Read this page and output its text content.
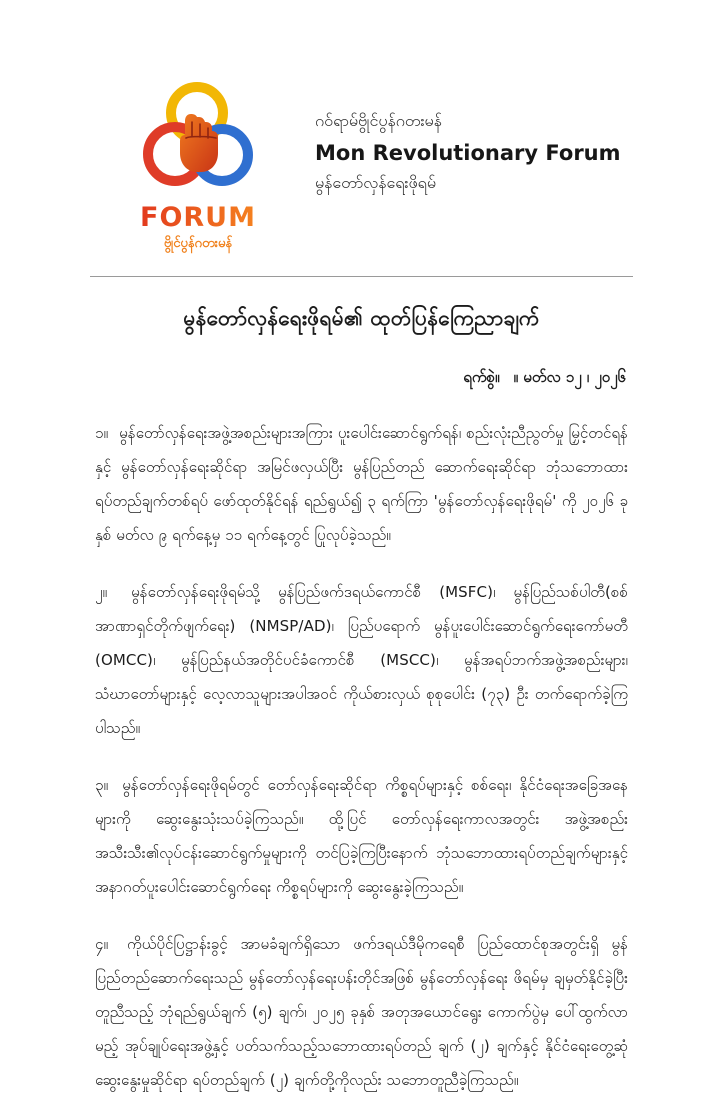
FORUM
ဗွိုင်ပွန်ဂတးမန်
ဂဝ်ရာမ်ဗွိုင်ပွန်ဂတးမန်
Mon Revolutionary Forum
မွန်တော်လှန်ရေးဖိုရမ်
မွန်တော်လှန်ရေးဖိုရမ်၏ ထုတ်ပြန်ကြေညာချက်
ရက်စွဲ။ ။ မတ်လ ၁၂ ၊ ၂၀၂၆

၁။ မွန်တော်လှန်ရေးအဖွဲ့အစည်းများအကြား ပူးပေါင်းဆောင်ရွက်ရန်၊ စည်းလုံးညီညွတ်မှု မြှင့်တင်ရန် နှင့် မွန်တော်လှန်ရေးဆိုင်ရာ အမြင်ဖလှယ်ပြီး မွန်ပြည်တည် ဆောက်ရေးဆိုင်ရာ ဘုံသဘောထား ရပ်တည်ချက်တစ်ရပ် ဖော်ထုတ်နိုင်ရန် ရည်ရွယ်၍ ၃ ရက်ကြာ 'မွန်တော်လှန်ရေးဖိုရမ်' ကို ၂၀၂၆ ခုနှစ် မတ်လ ၉ ရက်နေ့မှ ၁၁ ရက်နေ့တွင် ပြုလုပ်ခဲ့သည်။

၂။ မွန်တော်လှန်ရေးဖိုရမ်သို့ မွန်ပြည်ဖက်ဒရယ်ကောင်စီ (MSFC)၊ မွန်ပြည်သစ်ပါတီ(စစ်အာဏာရှင်တိုက်ဖျက်ရေး) (NMSP/AD)၊ ပြည်ပရောက် မွန်ပူးပေါင်းဆောင်ရွက်ရေးကော်မတီ (OMCC)၊ မွန်ပြည်နယ်အတိုင်ပင်ခံကောင်စီ (MSCC)၊ မွန်အရပ်ဘက်အဖွဲ့အစည်းများ၊ သံဃာတော်များနှင့် လေ့လာသူများအပါအဝင် ကိုယ်စားလှယ် စုစုပေါင်း (၇၃) ဦး တက်ရောက်ခဲ့ကြပါသည်။

၃။ မွန်တော်လှန်ရေးဖိုရမ်တွင် တော်လှန်ရေးဆိုင်ရာ ကိစ္စရပ်များနှင့် စစ်ရေး၊ နိုင်ငံရေးအခြေအနေများကို ဆွေးနွေးသုံးသပ်ခဲ့ကြသည်။ ထို့ပြင် တော်လှန်ရေးကာလအတွင်း အဖွဲ့အစည်းအသီးသီး၏လုပ်ငန်းဆောင်ရွက်မှုများကို တင်ပြခဲ့ကြပြီးနောက် ဘုံသဘောထားရပ်တည်ချက်များနှင့် အနာဂတ်ပူးပေါင်းဆောင်ရွက်ရေး ကိစ္စရပ်များကို ဆွေးနွေးခဲ့ကြသည်။

၄။ ကိုယ်ပိုင်ပြဋ္ဌာန်းခွင့် အာမခံချက်ရှိသော ဖက်ဒရယ်ဒီမိုကရေစီ ပြည်ထောင်စုအတွင်းရှိ မွန်ပြည်တည်ဆောက်ရေးသည် မွန်တော်လှန်ရေးပန်းတိုင်အဖြစ် မွန်တော်လှန်ရေး ဖိရမ်မှ ချမှတ်နိုင်ခဲ့ပြီး တူညီသည့် ဘုံရည်ရွယ်ချက် (၅) ချက်၊ ၂၀၂၅ ခုနှစ် အတုအယောင်ရွေး ကောက်ပွဲမှ ပေါ်ထွက်လာမည့် အုပ်ချုပ်ရေးအဖွဲ့နှင့် ပတ်သက်သည့်သဘောထားရပ်တည် ချက် (၂) ချက်နှင့် နိုင်ငံရေးတွေ့ဆုံဆွေးနွေးမှုဆိုင်ရာ ရပ်တည်ချက် (၂) ချက်တို့ကိုလည်း သဘောတူညီခဲ့ကြသည်။
